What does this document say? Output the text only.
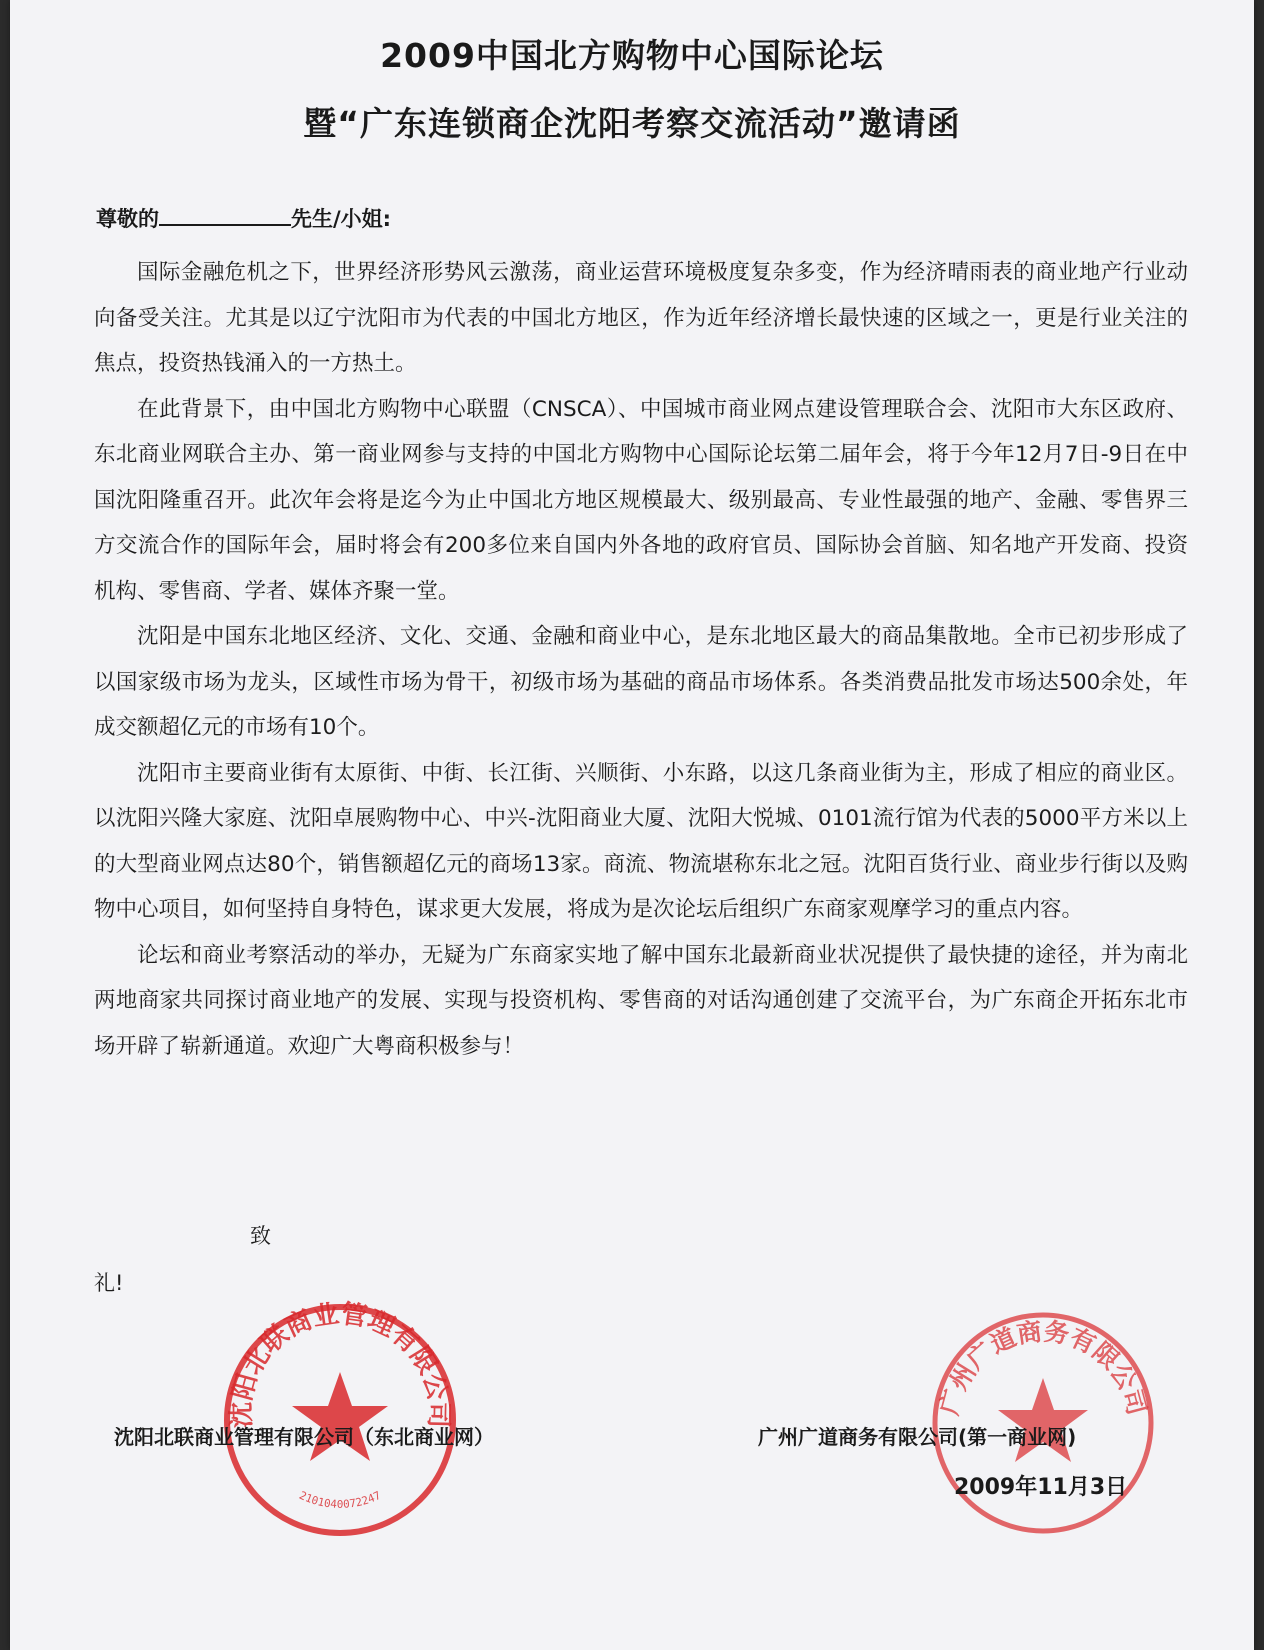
2009中国北方购物中心国际论坛
暨“广东连锁商企沈阳考察交流活动”邀请函
尊敬的	先生/小姐:

国际金融危机之下，世界经济形势风云激荡，商业运营环境极度复杂多变，作为经济晴雨表的商业地产行业动向备受关注。尤其是以辽宁沈阳市为代表的中国北方地区，作为近年经济增长最快速的区域之一，更是行业关注的焦点，投资热钱涌入的一方热土。

在此背景下，由中国北方购物中心联盟（CNSCA）、中国城市商业网点建设管理联合会、沈阳市大东区政府、东北商业网联合主办、第一商业网参与支持的中国北方购物中心国际论坛第二届年会，将于今年12月7日-9日在中国沈阳隆重召开。此次年会将是迄今为止中国北方地区规模最大、级别最高、专业性最强的地产、金融、零售界三方交流合作的国际年会，届时将会有200多位来自国内外各地的政府官员、国际协会首脑、知名地产开发商、投资机构、零售商、学者、媒体齐聚一堂。

沈阳是中国东北地区经济、文化、交通、金融和商业中心，是东北地区最大的商品集散地。全市已初步形成了以国家级市场为龙头，区域性市场为骨干，初级市场为基础的商品市场体系。各类消费品批发市场达500余处，年成交额超亿元的市场有10个。

沈阳市主要商业街有太原街、中街、长江街、兴顺街、小东路，以这几条商业街为主，形成了相应的商业区。以沈阳兴隆大家庭、沈阳卓展购物中心、中兴-沈阳商业大厦、沈阳大悦城、0101流行馆为代表的5000平方米以上的大型商业网点达80个，销售额超亿元的商场13家。商流、物流堪称东北之冠。沈阳百货行业、商业步行街以及购物中心项目，如何坚持自身特色，谋求更大发展，将成为是次论坛后组织广东商家观摩学习的重点内容。

论坛和商业考察活动的举办，无疑为广东商家实地了解中国东北最新商业状况提供了最快捷的途径，并为南北两地商家共同探讨商业地产的发展、实现与投资机构、零售商的对话沟通创建了交流平台，为广东商企开拓东北市场开辟了崭新通道。欢迎广大粤商积极参与！

致
礼!
沈阳北联商业管理有限公司
2101040072247
广州广道商务有限公司
沈阳北联商业管理有限公司（东北商业网）	广州广道商务有限公司(第一商业网)
2009年11月3日
